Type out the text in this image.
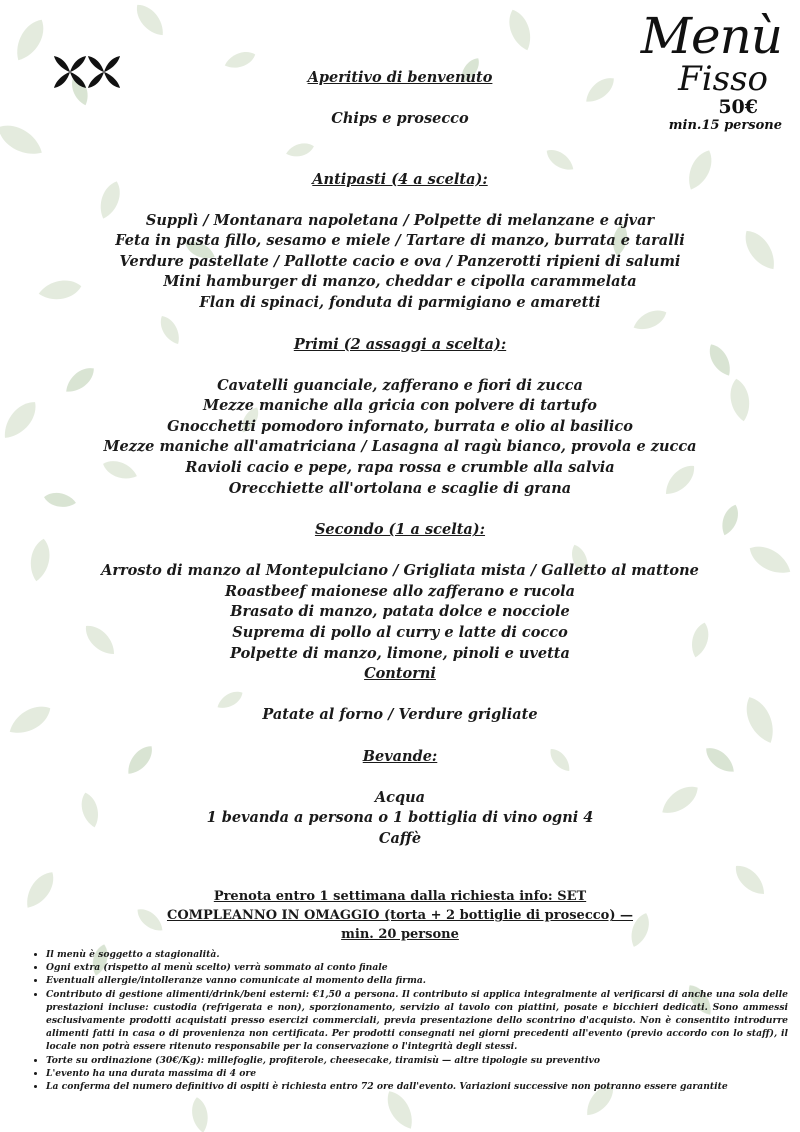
Menù
Fisso
50€
min.15 persone

Aperitivo di benvenuto

Chips e prosecco

Antipasti (4 a scelta):

Supplì / Montanara napoletana / Polpette di melanzane e ajvar

Feta in pasta fillo, sesamo e miele / Tartare di manzo, burrata e taralli

Verdure pastellate / Pallotte cacio e ova / Panzerotti ripieni di salumi

Mini hamburger di manzo, cheddar e cipolla carammelata

Flan di spinaci, fonduta di parmigiano e amaretti

Primi (2 assaggi a scelta):

Cavatelli guanciale, zafferano e fiori di zucca

Mezze maniche alla gricia con polvere di tartufo

Gnocchetti pomodoro infornato, burrata e olio al basilico

Mezze maniche all'amatriciana / Lasagna al ragù bianco, provola e zucca

Ravioli cacio e pepe, rapa rossa e crumble alla salvia

Orecchiette all'ortolana e scaglie di grana

Secondo (1 a scelta):

Arrosto di manzo al Montepulciano / Grigliata mista / Galletto al mattone

Roastbeef maionese allo zafferano e rucola

Brasato di manzo, patata dolce e nocciole

Suprema di pollo al curry e latte di cocco

Polpette di manzo, limone, pinoli e uvetta

Contorni

Patate al forno / Verdure grigliate

Bevande:

Acqua

1 bevanda a persona o 1 bottiglia di vino ogni 4

Caffè

Prenota entro 1 settimana dalla richiesta info: SET COMPLEANNO IN OMAGGIO (torta + 2 bottiglie di prosecco) — min. 20 persone

• Il menù è soggetto a stagionalità.
• Ogni extra (rispetto al menù scelto) verrà sommato al conto finale
• Eventuali allergie/intolleranze vanno comunicate al momento della firma.
• Contributo di gestione alimenti/drink/beni esterni: €1,50 a persona. Il contributo si applica integralmente al verificarsi di anche una sola delle prestazioni incluse: custodia (refrigerata e non), sporzionamento, servizio al tavolo con piattini, posate e bicchieri dedicati. Sono ammessi esclusivamente prodotti acquistati presso esercizi commerciali, previa presentazione dello scontrino d'acquisto. Non è consentito introdurre alimenti fatti in casa o di provenienza non certificata. Per prodotti consegnati nei giorni precedenti all'evento (previo accordo con lo staff), il locale non potrà essere ritenuto responsabile per la conservazione o l'integrità degli stessi.
• Torte su ordinazione (30€/Kg): millefoglie, profiterole, cheesecake, tiramisù — altre tipologie su preventivo
• L'evento ha una durata massima di 4 ore
• La conferma del numero definitivo di ospiti è richiesta entro 72 ore dall'evento. Variazioni successive non potranno essere garantite
